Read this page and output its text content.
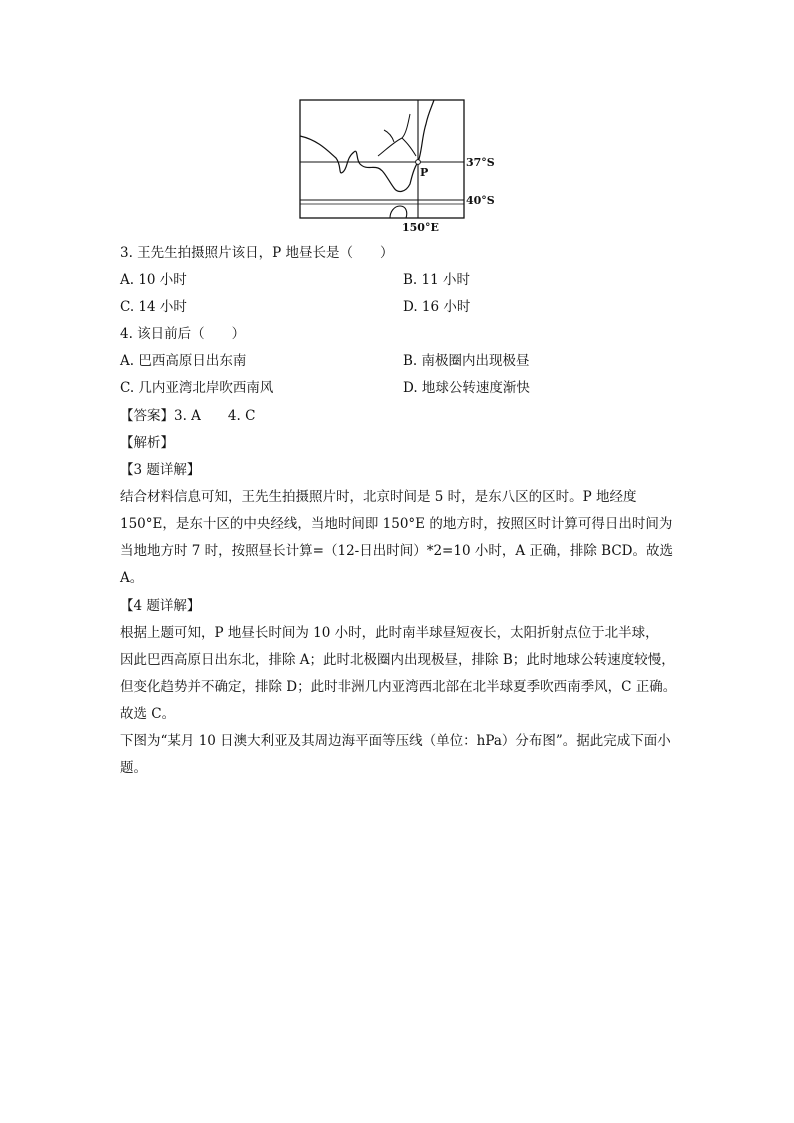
P
37°S
40°S
150°E
3. 王先生拍摄照片该日，P 地昼长是（　　）
A. 10 小时	B. 11 小时
C. 14 小时	D. 16 小时
4. 该日前后（　　）
A. 巴西高原日出东南	B. 南极圈内出现极昼
C. 几内亚湾北岸吹西南风	D. 地球公转速度渐快
【答案】3. A　　4. C
【解析】
【3 题详解】
结合材料信息可知，王先生拍摄照片时，北京时间是 5 时，是东八区的区时。P 地经度
150°E，是东十区的中央经线，当地时间即 150°E 的地方时，按照区时计算可得日出时间为
当地地方时 7 时，按照昼长计算=（12-日出时间）*2=10 小时，A 正确，排除 BCD。故选
A。
【4 题详解】
根据上题可知，P 地昼长时间为 10 小时，此时南半球昼短夜长，太阳折射点位于北半球，
因此巴西高原日出东北，排除 A；此时北极圈内出现极昼，排除 B；此时地球公转速度较慢，
但变化趋势并不确定，排除 D；此时非洲几内亚湾西北部在北半球夏季吹西南季风，C 正确。
故选 C。
下图为“某月 10 日澳大利亚及其周边海平面等压线（单位：hPa）分布图”。据此完成下面小
题。
